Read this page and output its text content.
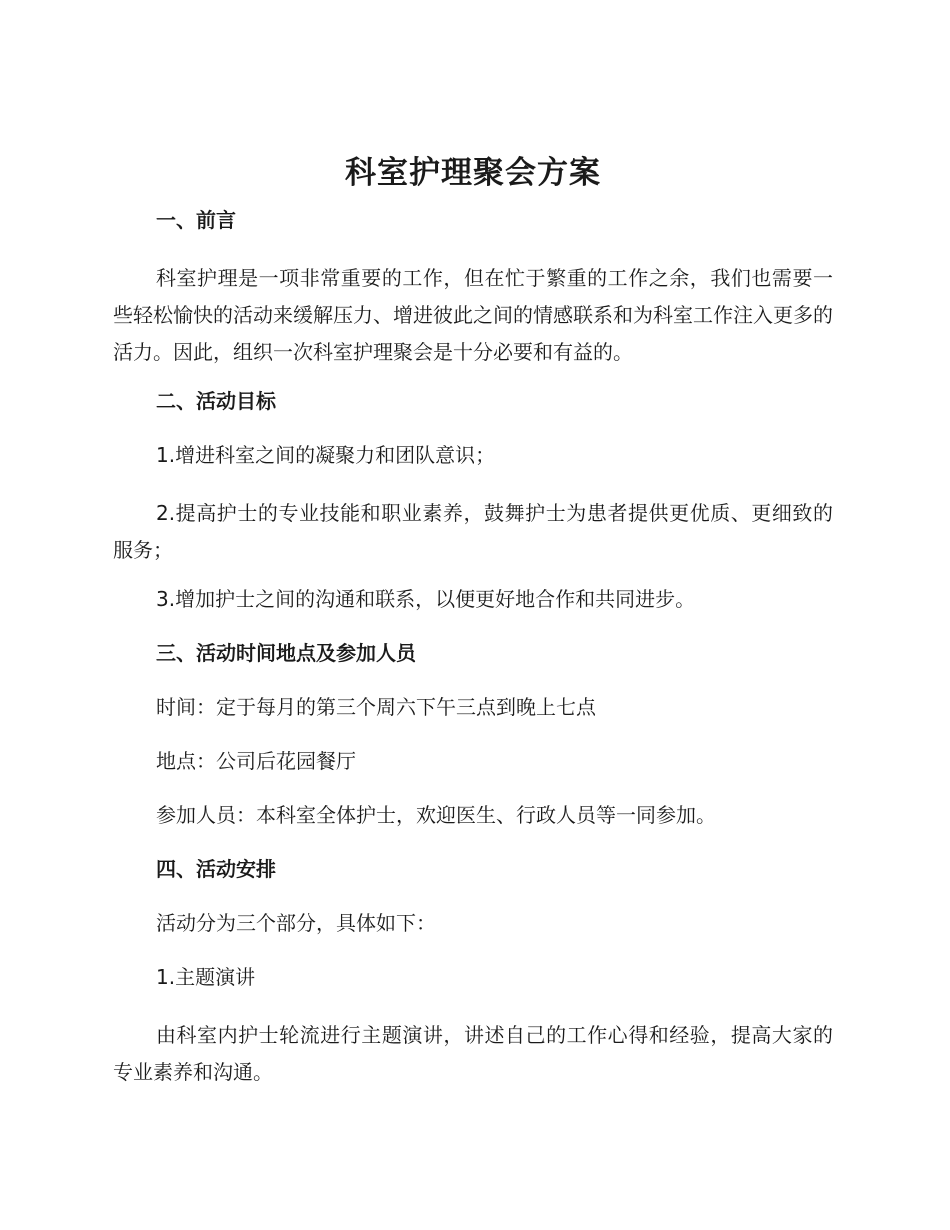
科室护理聚会方案
一、前言

科室护理是一项非常重要的工作，但在忙于繁重的工作之余，我们也需要一些轻松愉快的活动来缓解压力、增进彼此之间的情感联系和为科室工作注入更多的活力。因此，组织一次科室护理聚会是十分必要和有益的。

二、活动目标

1.增进科室之间的凝聚力和团队意识；

2.提高护士的专业技能和职业素养，鼓舞护士为患者提供更优质、更细致的服务；

3.增加护士之间的沟通和联系，以便更好地合作和共同进步。

三、活动时间地点及参加人员

时间：定于每月的第三个周六下午三点到晚上七点

地点：公司后花园餐厅

参加人员：本科室全体护士，欢迎医生、行政人员等一同参加。

四、活动安排

活动分为三个部分，具体如下：

1.主题演讲

由科室内护士轮流进行主题演讲，讲述自己的工作心得和经验，提高大家的专业素养和沟通。
